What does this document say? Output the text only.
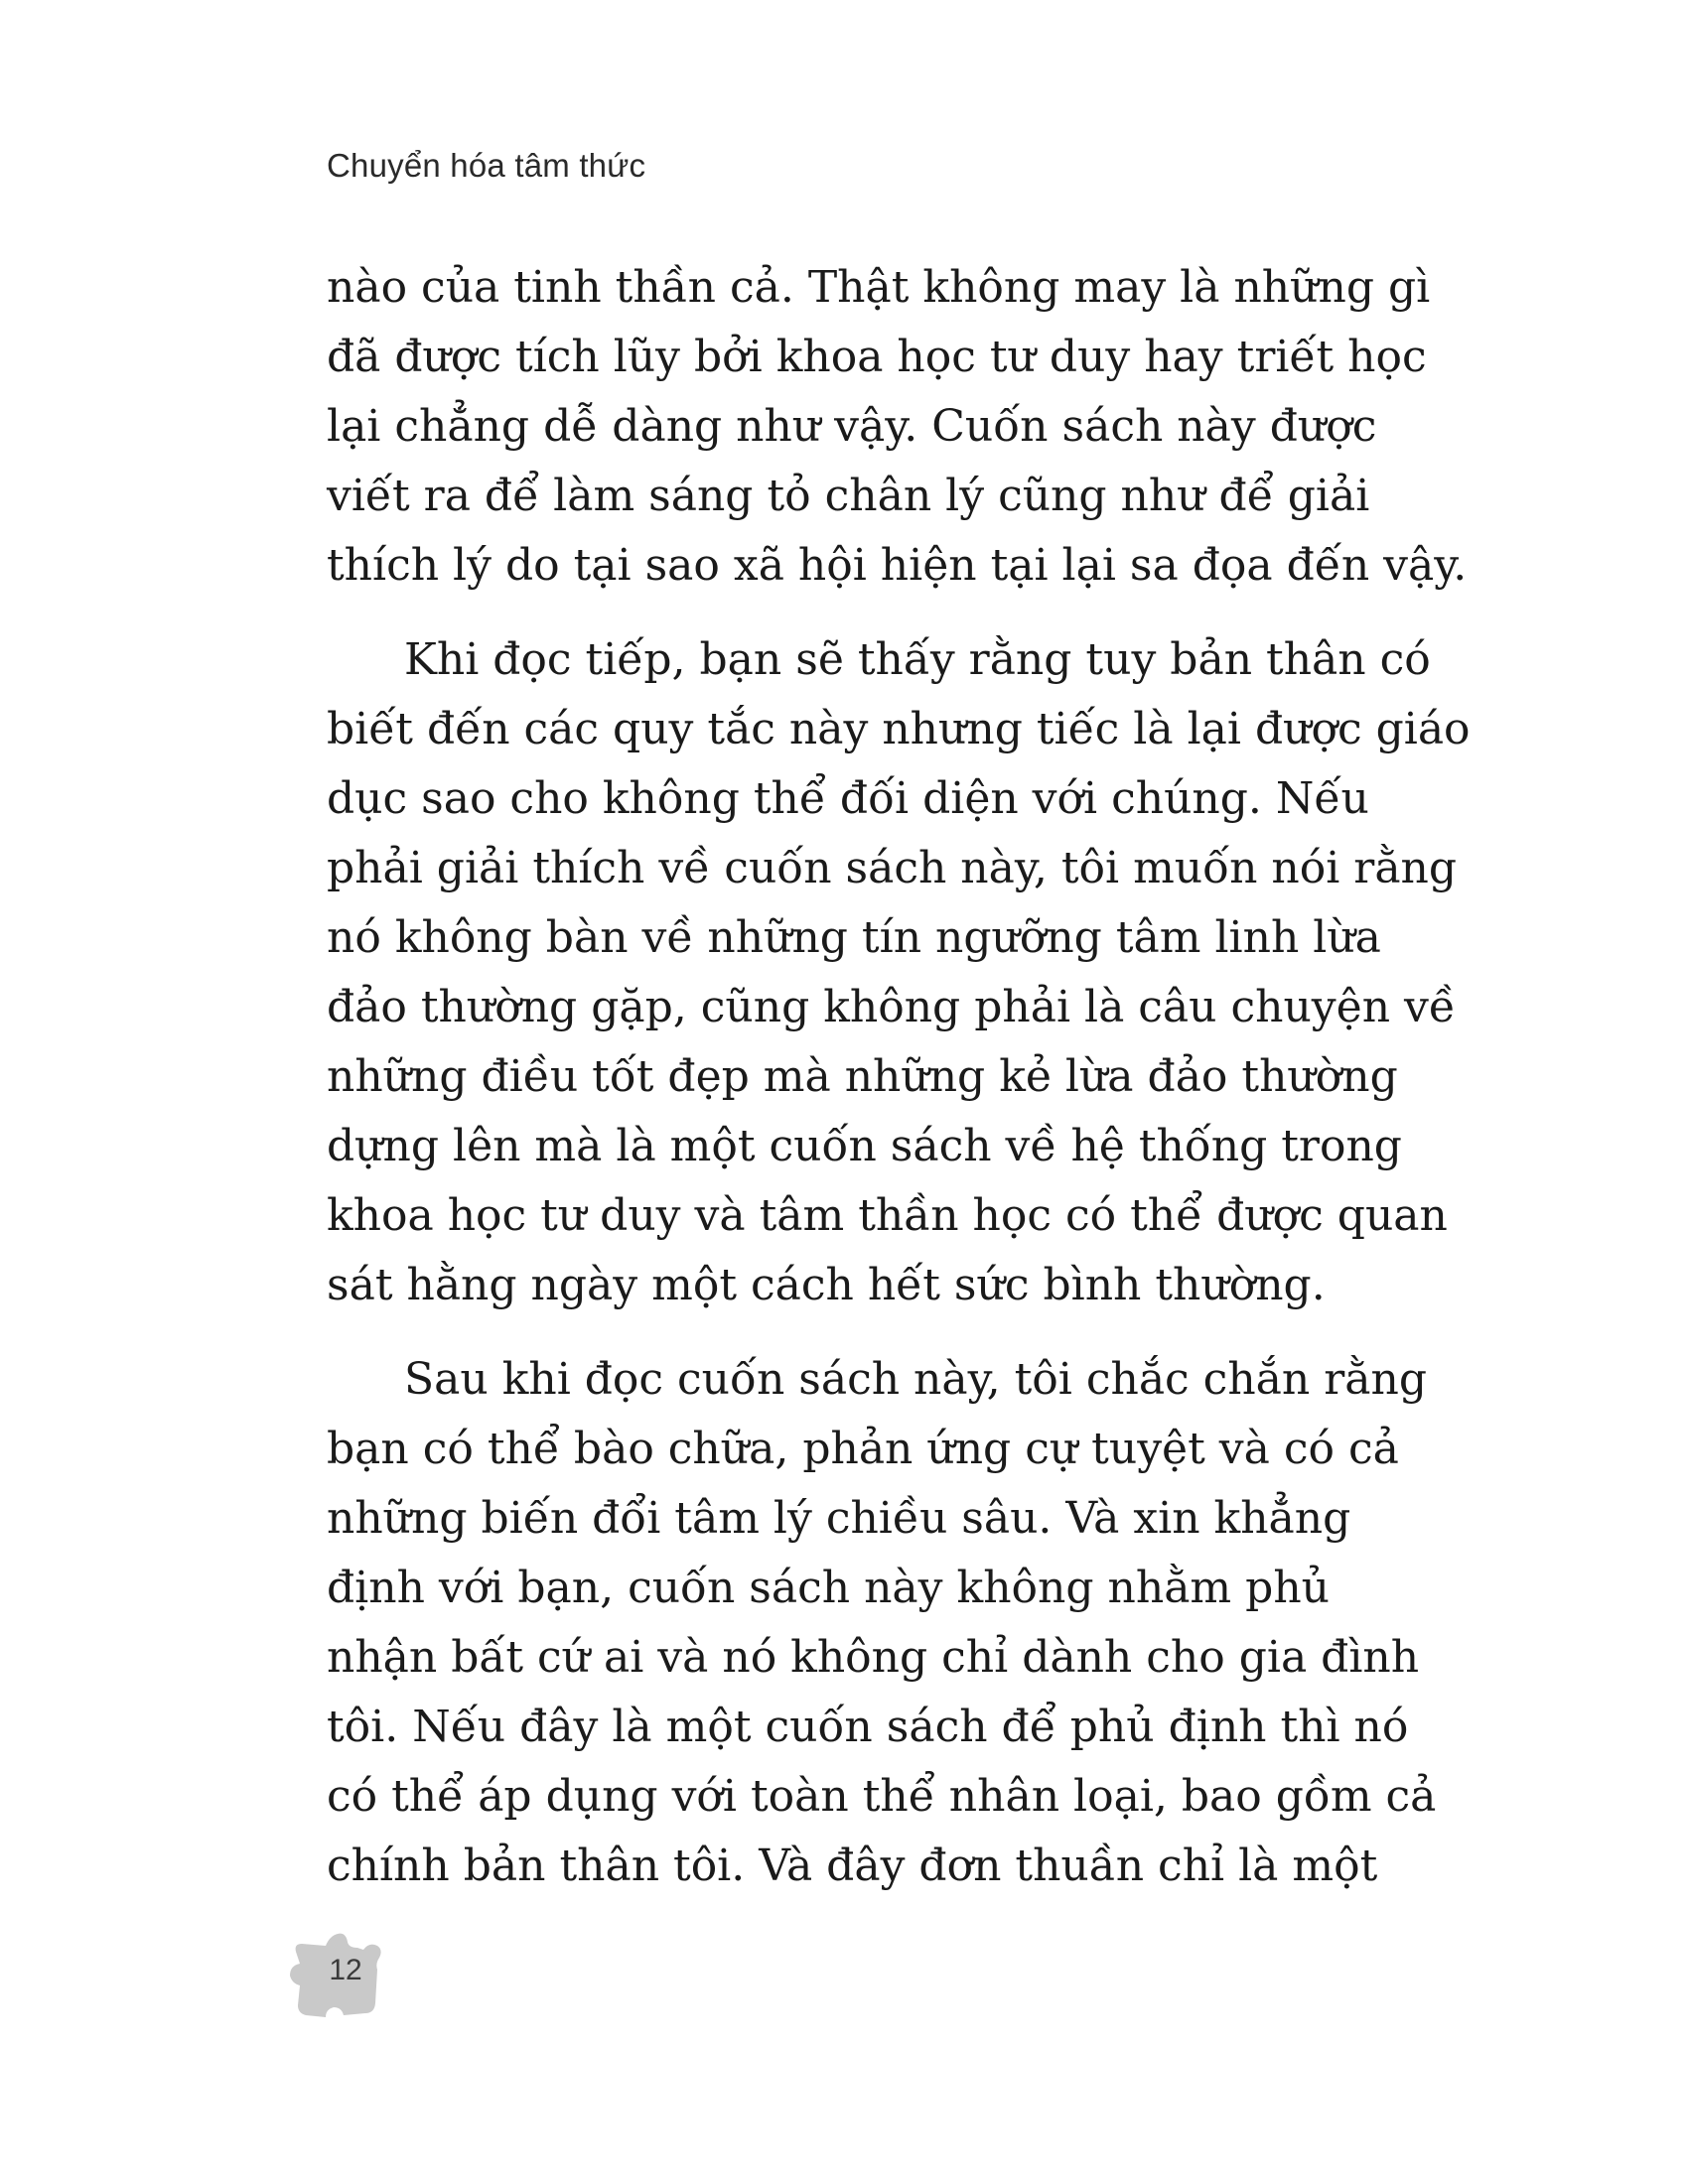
Chuyển hóa tâm thức
nào của tinh thần cả. Thật không may là những gì
đã được tích lũy bởi khoa học tư duy hay triết học
lại chẳng dễ dàng như vậy. Cuốn sách này được
viết ra để làm sáng tỏ chân lý cũng như để giải
thích lý do tại sao xã hội hiện tại lại sa đọa đến vậy.
Khi đọc tiếp, bạn sẽ thấy rằng tuy bản thân có
biết đến các quy tắc này nhưng tiếc là lại được giáo
dục sao cho không thể đối diện với chúng. Nếu
phải giải thích về cuốn sách này, tôi muốn nói rằng
nó không bàn về những tín ngưỡng tâm linh lừa
đảo thường gặp, cũng không phải là câu chuyện về
những điều tốt đẹp mà những kẻ lừa đảo thường
dựng lên mà là một cuốn sách về hệ thống trong
khoa học tư duy và tâm thần học có thể được quan
sát hằng ngày một cách hết sức bình thường.
Sau khi đọc cuốn sách này, tôi chắc chắn rằng
bạn có thể bào chữa, phản ứng cự tuyệt và có cả
những biến đổi tâm lý chiều sâu. Và xin khẳng
định với bạn, cuốn sách này không nhằm phủ
nhận bất cứ ai và nó không chỉ dành cho gia đình
tôi. Nếu đây là một cuốn sách để phủ định thì nó
có thể áp dụng với toàn thể nhân loại, bao gồm cả
chính bản thân tôi. Và đây đơn thuần chỉ là một
12
